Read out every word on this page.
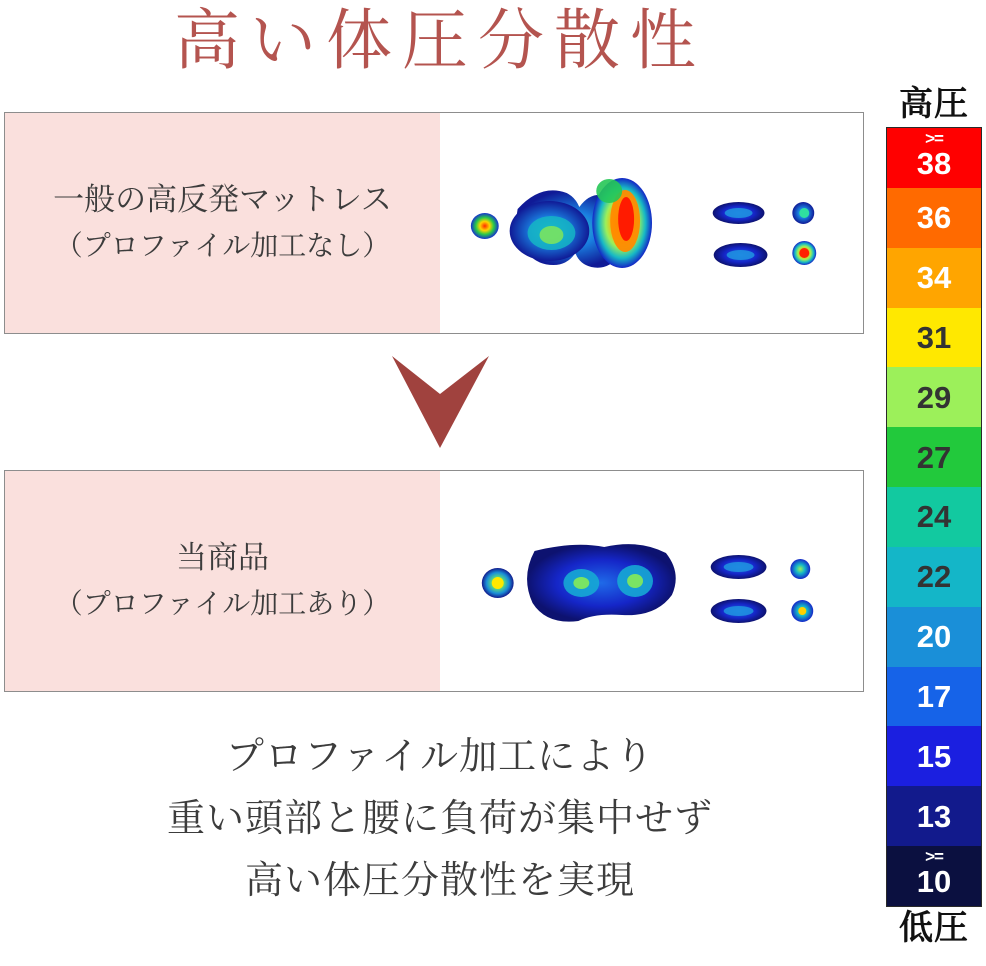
高い体圧分散性
一般の高反発マットレス
（プロファイル加工なし）
当商品
（プロファイル加工あり）
プロファイル加工により
重い頭部と腰に負荷が集中せず
高い体圧分散性を実現
高圧
>=
38
36
34
31
29
27
24
22
20
17
15
13
>=
10
低圧
